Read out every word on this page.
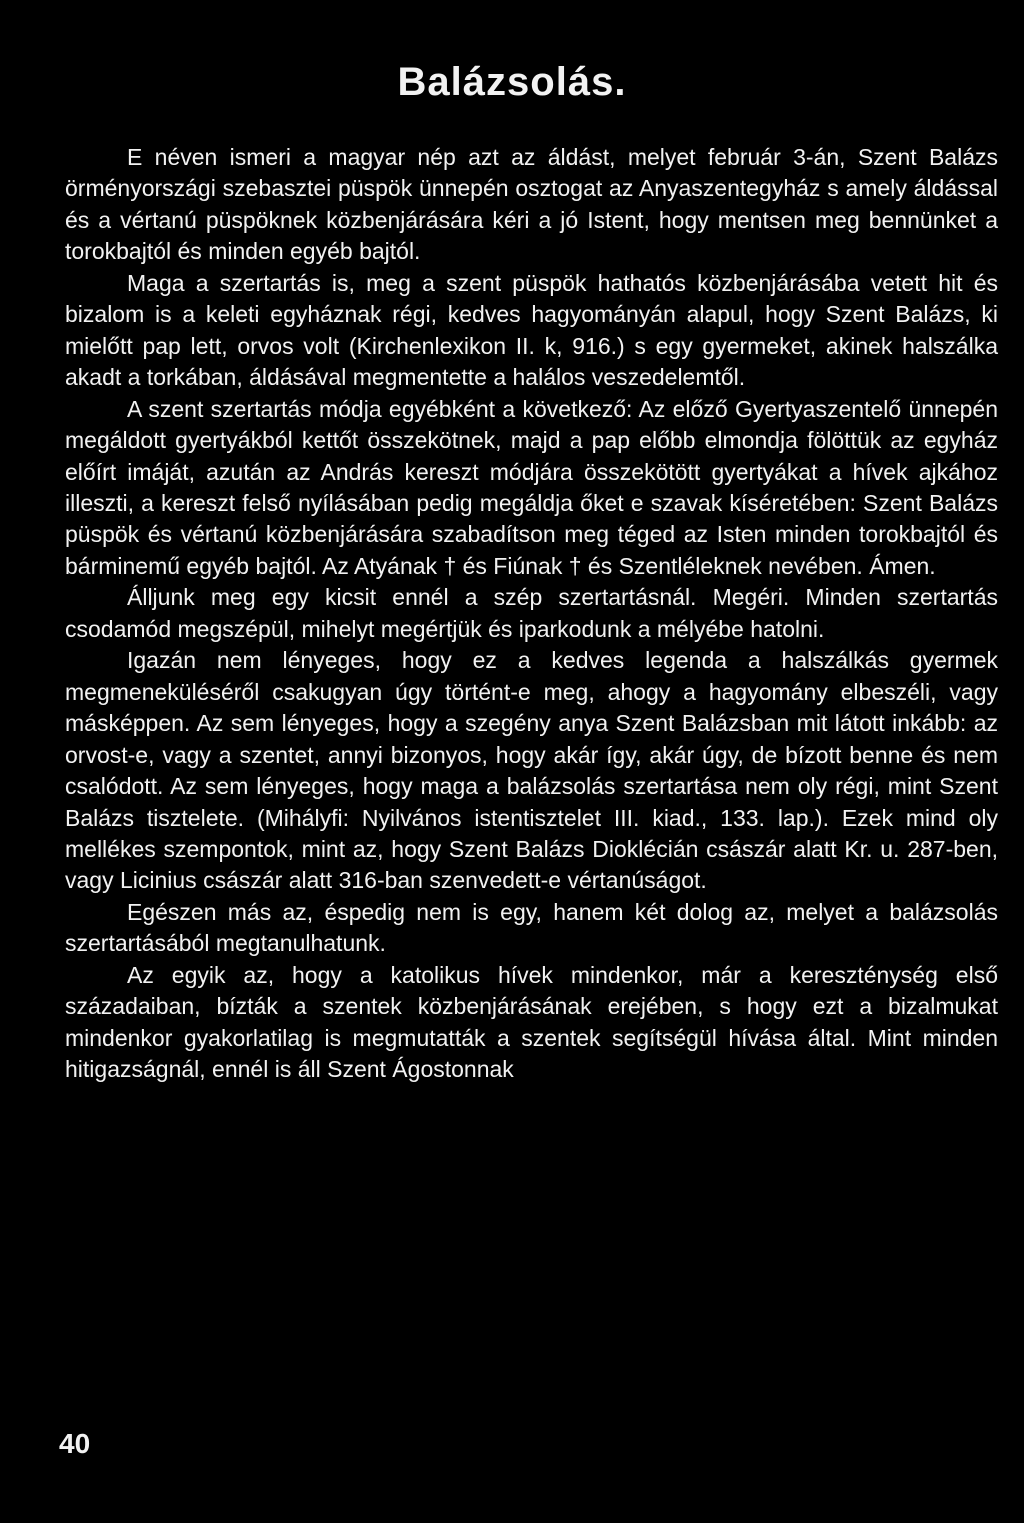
Balázsolás.

E néven ismeri a magyar nép azt az áldást, melyet február 3-án, Szent Balázs örményországi szebasztei püspök ünnepén osztogat az Anyaszentegyház s amely áldással és a vértanú püspöknek közbenjárására kéri a jó Istent, hogy mentsen meg bennünket a torokbajtól és minden egyéb bajtól.

Maga a szertartás is, meg a szent püspök hathatós közbenjárásába vetett hit és bizalom is a keleti egyháznak régi, kedves hagyományán alapul, hogy Szent Balázs, ki mielőtt pap lett, orvos volt (Kirchenlexikon II. k, 916.) s egy gyermeket, akinek halszálka akadt a torkában, áldásával megmentette a halálos veszedelemtől.

A szent szertartás módja egyébként a következő: Az előző Gyertyaszentelő ünnepén megáldott gyertyákból kettőt összekötnek, majd a pap előbb elmondja fölöttük az egyház előírt imáját, azután az András kereszt módjára összekötött gyertyákat a hívek ajkához illeszti, a kereszt felső nyílásában pedig megáldja őket e szavak kíséretében: Szent Balázs püspök és vértanú közbenjárására szabadítson meg téged az Isten minden torokbajtól és bárminemű egyéb bajtól. Az Atyának † és Fiúnak † és Szentléleknek nevében. Ámen.

Álljunk meg egy kicsit ennél a szép szertartásnál. Megéri. Minden szertartás csodamód megszépül, mihelyt megértjük és iparkodunk a mélyébe hatolni.

Igazán nem lényeges, hogy ez a kedves legenda a halszálkás gyermek megmeneküléséről csakugyan úgy történt-e meg, ahogy a hagyomány elbeszéli, vagy másképpen. Az sem lényeges, hogy a szegény anya Szent Balázsban mit látott inkább: az orvost-e, vagy a szentet, annyi bizonyos, hogy akár így, akár úgy, de bízott benne és nem csalódott. Az sem lényeges, hogy maga a balázsolás szertartása nem oly régi, mint Szent Balázs tisztelete. (Mihályfi: Nyilvános istentisztelet III. kiad., 133. lap.). Ezek mind oly mellékes szempontok, mint az, hogy Szent Balázs Dioklécián császár alatt Kr. u. 287-ben, vagy Licinius császár alatt 316-ban szenvedett-e vértanúságot.

Egészen más az, éspedig nem is egy, hanem két dolog az, melyet a balázsolás szertartásából megtanulhatunk.

Az egyik az, hogy a katolikus hívek mindenkor, már a kereszténység első századaiban, bízták a szentek közbenjárásának erejében, s hogy ezt a bizalmukat mindenkor gyakorlatilag is megmutatták a szentek segítségül hívása által. Mint minden hitigazságnál, ennél is áll Szent Ágostonnak

40
